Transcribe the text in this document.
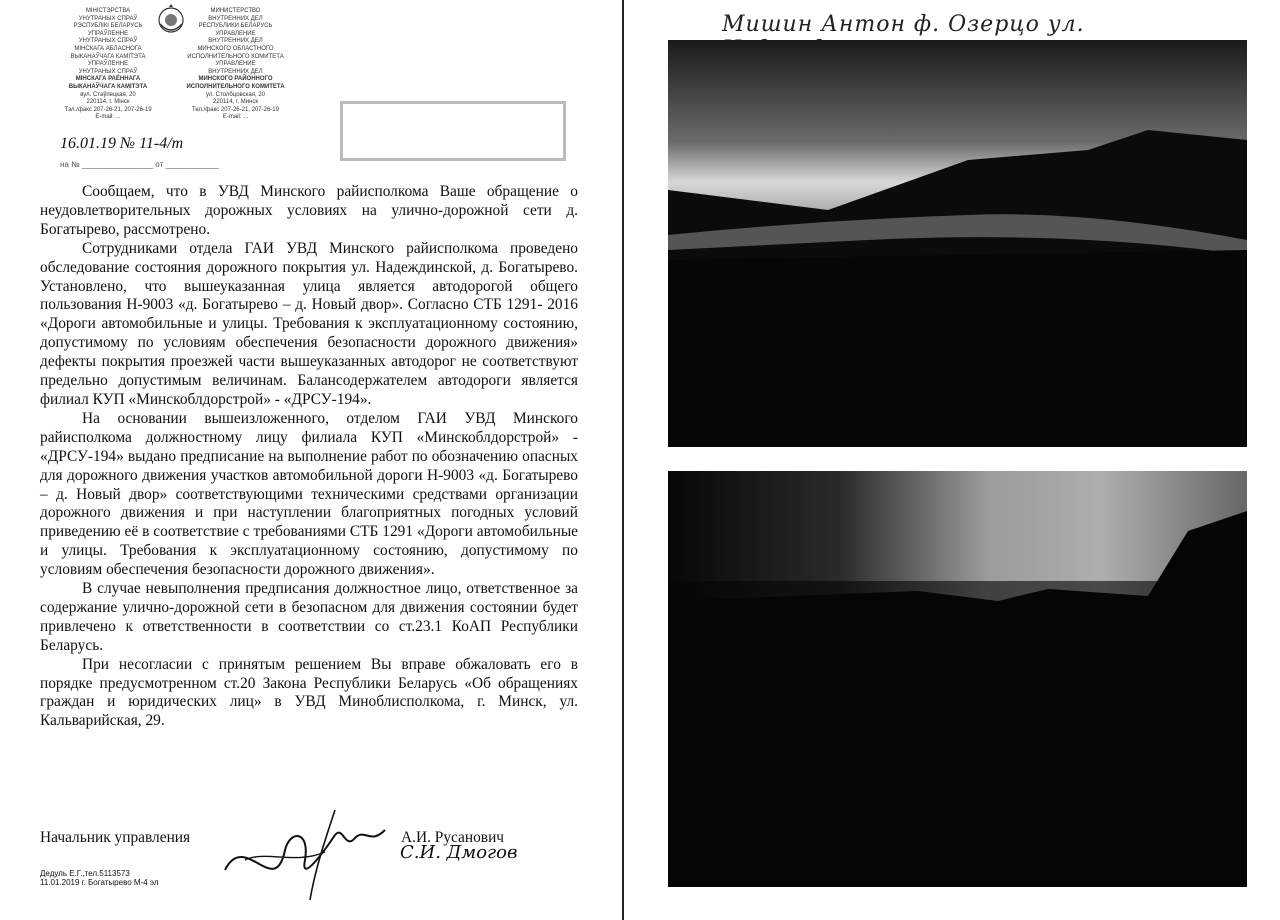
МІНІСТЭРСТВА
УНУТРАНЫХ СПРАЎ
РЭСПУБЛІКІ БЕЛАРУСЬ
УПРАЎЛЕННЕ
УНУТРАНЫХ СПРАЎ
МІНСКАГА АБЛАСНОГА
ВЫКАНАЎЧАГА КАМІТЭТА
УПРАЎЛЕННЕ
УНУТРАНЫХ СПРАЎ
МІНСКАГА РАЁННАГА
ВЫКАНАЎЧАГА КАМІТЭТА
вул. Стаўпецкая, 20
220114, г. Мінск
Тэл./факс 207-26-21, 207-26-19
E-mail: ...
МИНИСТЕРСТВО
ВНУТРЕННИХ ДЕЛ
РЕСПУБЛИКИ БЕЛАРУСЬ
УПРАВЛЕНИЕ
ВНУТРЕННИХ ДЕЛ
МИНСКОГО ОБЛАСТНОГО
ИСПОЛНИТЕЛЬНОГО КОМИТЕТА
УПРАВЛЕНИЕ
ВНУТРЕННИХ ДЕЛ
МИНСКОГО РАЙОННОГО
ИСПОЛНИТЕЛЬНОГО КОМИТЕТА
ул. Столбцовская, 20
220114, г. Минск
Тел./факс 207-26-21, 207-26-19
E-mail: ...
16.01.19 № 11-4/m
на № ________________ от ____________

Сообщаем, что в УВД Минского райисполкома Ваше обращение о неудовлетворительных дорожных условиях на улично-дорожной сети д. Богатырево, рассмотрено.

Сотрудниками отдела ГАИ УВД Минского райисполкома проведено обследование состояния дорожного покрытия ул. Надеждинской, д. Богатырево. Установлено, что вышеуказанная улица является автодорогой общего пользования Н-9003 «д. Богатырево – д. Новый двор». Согласно СТБ 1291- 2016 «Дороги автомобильные и улицы. Требования к эксплуатационному состоянию, допустимому по условиям обеспечения безопасности дорожного движения» дефекты покрытия проезжей части вышеуказанных автодорог не соответствуют предельно допустимым величинам. Балансодержателем автодороги является филиал КУП «Минскоблдорстрой» - «ДРСУ-194».

На основании вышеизложенного, отделом ГАИ УВД Минского райисполкома должностному лицу филиала КУП «Минскоблдорстрой» - «ДРСУ-194» выдано предписание на выполнение работ по обозначению опасных для дорожного движения участков автомобильной дороги Н-9003 «д. Богатырево – д. Новый двор» соответствующими техническими средствами организации дорожного движения и при наступлении благоприятных погодных условий приведению её в соответствие с требованиями СТБ 1291 «Дороги автомобильные и улицы. Требования к эксплуатационному состоянию, допустимому по условиям обеспечения безопасности дорожного движения».

В случае невыполнения предписания должностное лицо, ответственное за содержание улично-дорожной сети в безопасном для движения состоянии будет привлечено к ответственности в соответствии со ст.23.1 КоАП Республики Беларусь.

При несогласии с принятым решением Вы вправе обжаловать его в порядке предусмотренном ст.20 Закона Республики Беларусь «Об обращениях граждан и юридических лиц» в УВД Миноблисполкома, г. Минск, ул. Кальварийская, 29.

Начальник управления	А.И. Русанович
С.И. Дмогов
Дедуль Е.Г.,тел.5113573
11.01.2019 г. Богатырево М-4 эл
Мишин Антон ф. Озерцо ул.
